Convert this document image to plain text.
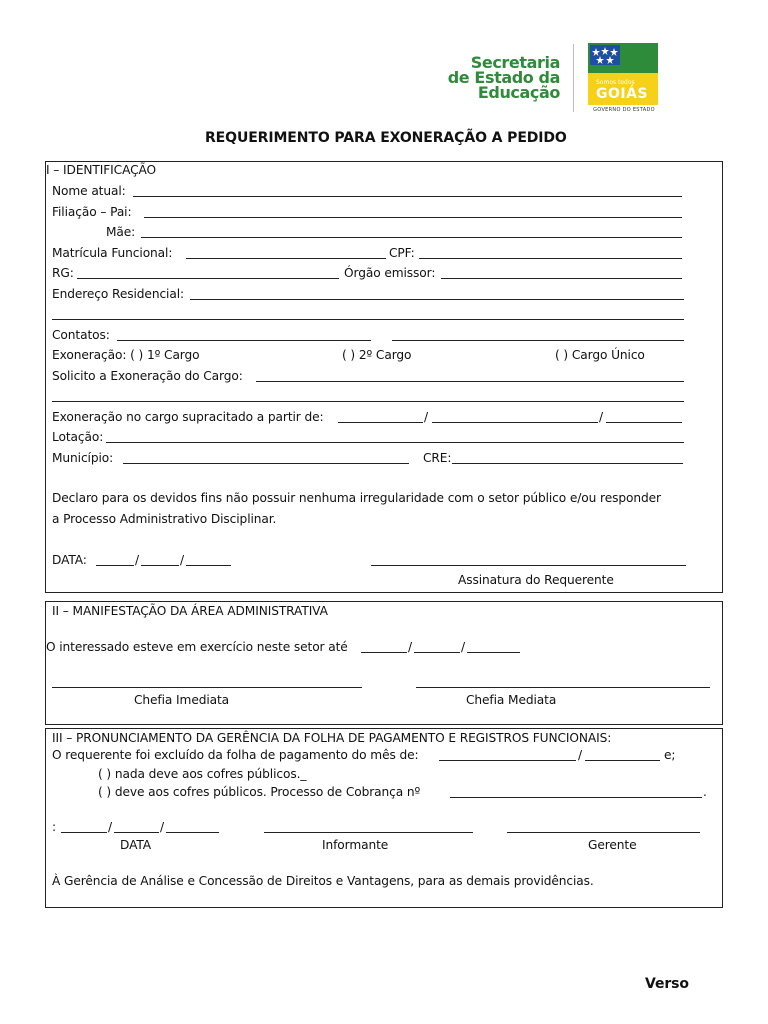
Secretaria
de Estado da
Educação
Somos todos
GOIÁS
GOVERNO DO ESTADO
REQUERIMENTO PARA EXONERAÇÃO A PEDIDO
I – IDENTIFICAÇÃO
Nome atual:
Filiação – Pai:
Mãe:
Matrícula Funcional:	CPF:
RG:	Órgão emissor:
Endereço Residencial:
Contatos:
Exoneração: ( ) 1º Cargo	( ) 2º Cargo	( ) Cargo Único
Solicito a Exoneração do Cargo:
Exoneração no cargo supracitado a partir de:	/	/
Lotação:
Município:	CRE:
Declaro para os devidos fins não possuir nenhuma irregularidade com o setor público e/ou responder
a Processo Administrativo Disciplinar.
DATA:	/	/
Assinatura do Requerente
II – MANIFESTAÇÃO DA ÁREA ADMINISTRATIVA
O interessado esteve em exercício neste setor até	/	/
Chefia Imediata	Chefia Mediata
III – PRONUNCIAMENTO DA GERÊNCIA DA FOLHA DE PAGAMENTO E REGISTROS FUNCIONAIS:
O requerente foi excluído da folha de pagamento do mês de:	/	e;
( ) nada deve aos cofres públicos._
( ) deve aos cofres públicos. Processo de Cobrança nº	.
:	/	/
DATA	Informante	Gerente
À Gerência de Análise e Concessão de Direitos e Vantagens, para as demais providências.
Verso
